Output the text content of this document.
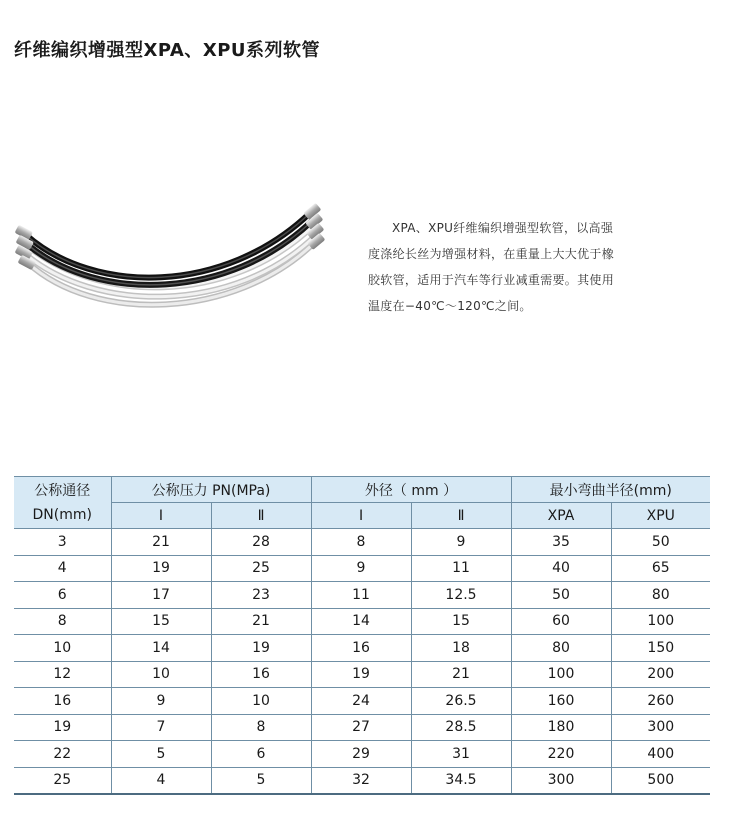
纤维编织增强型XPA、XPU系列软管
XPA、XPU纤维编织增强型软管，以高强
度涤纶长丝为增强材料，在重量上大大优于橡
胶软管，适用于汽车等行业减重需要。其使用
温度在−40℃～120℃之间。
公称通径	公称压力 PN(MPa)		外径（ mm ）		最小弯曲半径(mm)	
DN(mm)	Ⅰ	Ⅱ	Ⅰ	Ⅱ	XPA	XPU
3	21	28	8	9	35	50
4	19	25	9	11	40	65
6	17	23	11	12.5	50	80
8	15	21	14	15	60	100
10	14	19	16	18	80	150
12	10	16	19	21	100	200
16	9	10	24	26.5	160	260
19	7	8	27	28.5	180	300
22	5	6	29	31	220	400
25	4	5	32	34.5	300	500
